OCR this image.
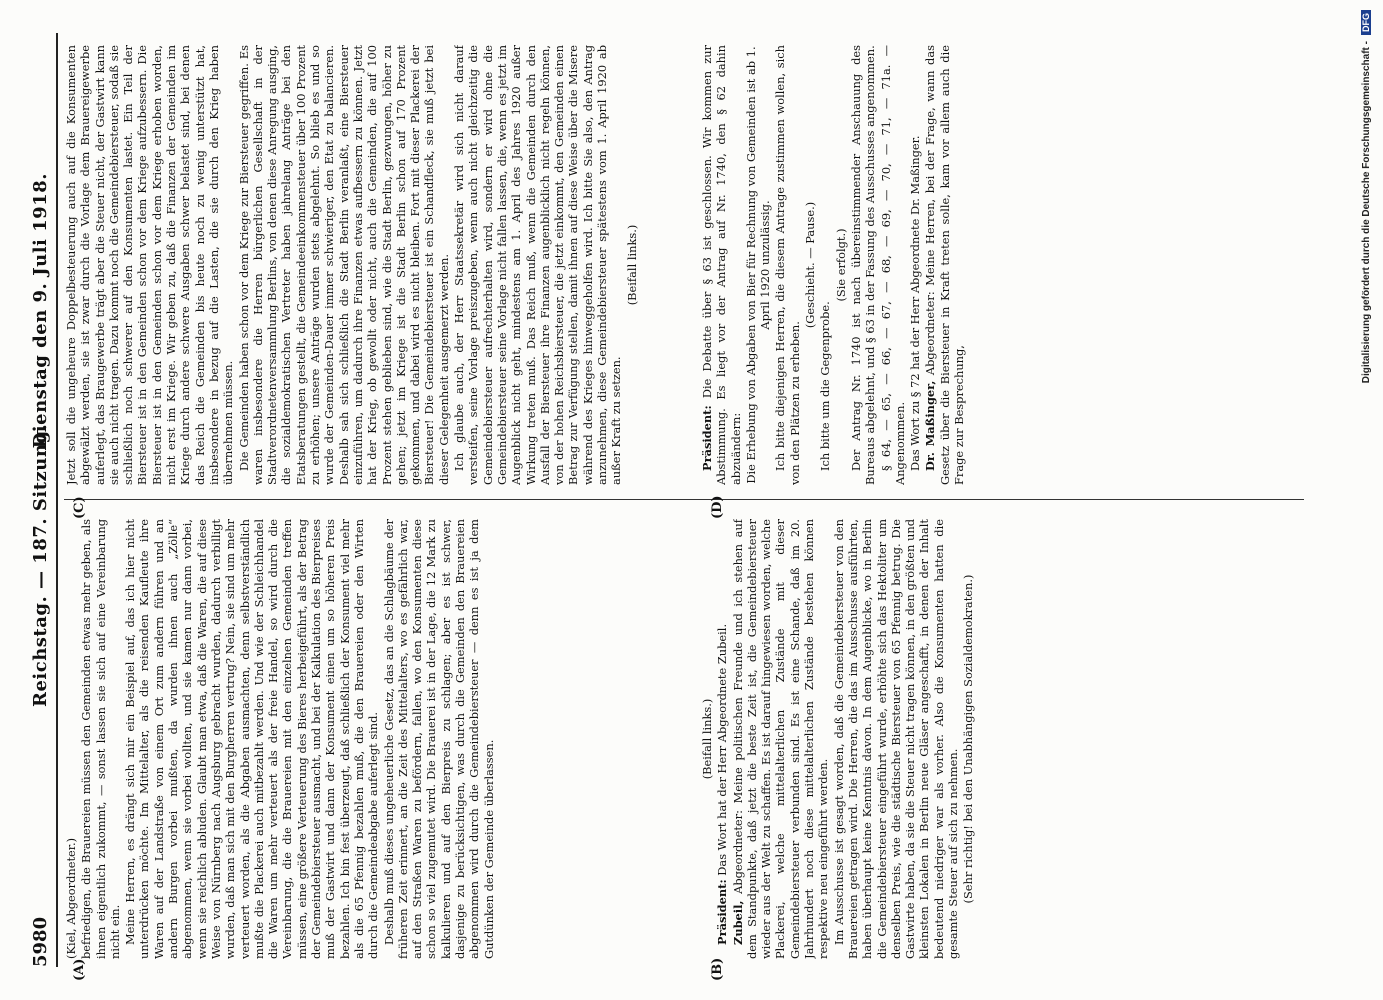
5980
Reichstag. — 187. Sitzung.
Dienstag den 9. Juli 1918.
(A)
(C)
(B)
(D)

(Kiel, Abgeordneter.) befriedigen, die Brauereien müssen den Gemeinden etwas mehr geben, als ihnen eigentlich zukommt, — sonst lassen sie sich auf eine Vereinbarung nicht ein. Meine Herren, es drängt sich mir ein Beispiel auf, das ich hier nicht unterdrücken möchte. Im Mittelalter, als die reisenden Kaufleute ihre Waren auf der Landstraße von einem Ort zum andern führen und an andern Burgen vorbei mußten, da wurden ihnen auch „Zölle“ abgenommen, wenn sie vorbei wollten, und sie kamen nur dann vorbei, wenn sie reichlich abluden. Glaubt man etwa, daß die Waren, die auf diese Weise von Nürnberg nach Augsburg gebracht wurden, dadurch verbilligt wurden, daß man sich mit den Burgherren vertrug? Nein, sie sind um mehr verteuert worden, als die Abgaben ausmachten, denn selbstverständlich mußte die Plackerei auch mitbezahlt werden. Und wie der Schleichhandel die Waren um mehr verteuert als der freie Handel, so wird durch die Vereinbarung, die die Brauereien mit den einzelnen Gemeinden treffen müssen, eine größere Verteuerung des Bieres herbeigeführt, als der Betrag der Gemeindebiersteuer ausmacht, und bei der Kalkulation des Bierpreises muß der Gastwirt und dann der Konsument einen um so höheren Preis bezahlen. Ich bin fest überzeugt, daß schließlich der Konsument viel mehr als die 65 Pfennig bezahlen muß, die den Brauereien oder den Wirten durch die Gemeindeabgabe auferlegt sind. Deshalb muß dieses ungeheuerliche Gesetz, das an die Schlagbäume der früheren Zeit erinnert, an die Zeit des Mittelalters, wo es gefährlich war, auf den Straßen Waren zu befördern, fallen, wo den Konsumenten diese schon so viel zugemutet wird. Die Brauerei ist in der Lage, die 12 Mark zu kalkulieren und auf den Bierpreis zu schlagen; aber es ist schwer, dasjenige zu berücksichtigen, was durch die Gemeinden den Brauereien abgenommen wird durch die Gemeindebiersteuer — denn es ist ja dem Gutdünken der Gemeinde überlassen.

Jetzt soll die ungeheure Doppelbesteuerung auch auf die Konsumenten abgewälzt werden, sie ist zwar durch die Vorlage dem Brauereigewerbe auferlegt, das Braugewerbe trägt aber die Steuer nicht, der Gastwirt kann sie auch nicht tragen. Dazu kommt noch die Gemeindebiersteuer, sodaß sie schließlich noch schwerer auf den Konsumenten lastet. Ein Teil der Biersteuer ist in den Gemeinden schon vor dem Kriege aufzubessern. Die Biersteuer ist in den Gemeinden schon vor dem Kriege erhoben worden, nicht erst im Kriege. Wir geben zu, daß die Finanzen der Gemeinden im Kriege durch andere schwere Ausgaben schwer belastet sind, bei denen das Reich die Gemeinden bis heute noch zu wenig unterstützt hat, insbesondere in bezug auf die Lasten, die sie durch den Krieg haben übernehmen müssen. Die Gemeinden haben schon vor dem Kriege zur Biersteuer gegriffen. Es waren insbesondere die Herren bürgerlichen Gesellschaft in der Stadtverordnetenversammlung Berlins, von denen diese Anregung ausging, die sozialdemokratischen Vertreter haben jahrelang Anträge bei den Etatsberatungen gestellt, die Gemeindeeinkommensteuer über 100 Prozent zu erhöhen; unsere Anträge wurden stets abgelehnt. So blieb es und so wurde der Gemeinden-Dauer immer schwieriger, den Etat zu balancieren. Deshalb sah sich schließlich die Stadt Berlin veranlaßt, eine Biersteuer einzuführen, um dadurch ihre Finanzen etwas aufbessern zu können. Jetzt hat der Krieg, ob gewollt oder nicht, auch die Gemeinden, die auf 100 Prozent stehen geblieben sind, wie die Stadt Berlin, gezwungen, höher zu gehen; jetzt im Kriege ist die Stadt Berlin schon auf 170 Prozent gekommen, und dabei wird es nicht bleiben. Fort mit dieser Plackerei der Biersteuer! Die Gemeindebiersteuer ist ein Schandfleck, sie muß jetzt bei dieser Gelegenheit ausgemerzt werden. Ich glaube auch, der Herr Staatssekretär wird sich nicht darauf versteifen, seine Vorlage preiszugeben, wenn auch nicht gleichzeitig die Gemeindebiersteuer aufrechterhalten wird, sondern er wird ohne die Gemeindebiersteuer seine Vorlage nicht fallen lassen, die, wenn es jetzt im Augenblick nicht geht, mindestens am 1. April des Jahres 1920 außer Wirkung treten muß. Das Reich muß, wenn die Gemeinden durch den Ausfall der Biersteuer ihre Finanzen augenblicklich nicht regeln können, von der hohen Reichsbiersteuer, die jetzt einkommt, den Gemeinden einen Betrag zur Verfügung stellen, damit ihnen auf diese Weise über die Misere während des Krieges hinweggeholfen wird. Ich bitte Sie also, den Antrag anzunehmen, diese Gemeindebiersteuer spätestens vom 1. April 1920 ab außer Kraft zu setzen.

(Beifall links.)

(Beifall links.)

Präsident: Das Wort hat der Herr Abgeordnete Zubeil.

Zubeil, Abgeordneter: Meine politischen Freunde und ich stehen auf dem Standpunkte, daß jetzt die beste Zeit ist, die Gemeindebiersteuer wieder aus der Welt zu schaffen. Es ist darauf hingewiesen worden, welche Plackerei, welche mittelalterlichen Zustände mit dieser Gemeindebiersteuer verbunden sind. Es ist eine Schande, daß im 20. Jahrhundert noch diese mittelalterlichen Zustände bestehen können respektive neu eingeführt werden. Im Ausschusse ist gesagt worden, daß die Gemeindebiersteuer von den Brauereien getragen wird. Die Herren, die das im Ausschusse ausführten, haben überhaupt keine Kenntnis davon. In dem Augenblicke, wo in Berlin die Gemeindebiersteuer eingeführt wurde, erhöhte sich das Hektoliter um denselben Preis, wie die städtische Biersteuer von 65 Pfennig betrug. Die Gastwirte haben, da sie die Steuer nicht tragen können, in den größten und kleinsten Lokalen in Berlin neue Gläser angeschafft, in denen der Inhalt bedeutend niedriger war als vorher. Also die Konsumenten hatten die gesamte Steuer auf sich zu nehmen. (Sehr richtig! bei den Unabhängigen Sozialdemokraten.)

Präsident: Die Debatte über § 63 ist geschlossen. Wir kommen zur Abstimmung. Es liegt vor der Antrag auf Nr. 1740, den § 62 dahin abzuändern: Die Erhebung von Abgaben von Bier für Rechnung von Gemeinden ist ab 1. April 1920 unzulässig. Ich bitte diejenigen Herren, die diesem Antrage zustimmen wollen, sich von den Plätzen zu erheben.

(Geschieht. — Pause.)

Ich bitte um die Gegenprobe.

(Sie erfolgt.) Der Antrag Nr. 1740 ist nach übereinstimmender Anschauung des Bureaus abgelehnt, und § 63 in der Fassung des Ausschusses angenommen. § 64, — 65, — 66, — 67, — 68, — 69, — 70, — 71, — 71a. — Angenommen. Das Wort zu § 72 hat der Herr Abgeordnete Dr. Maßinger. Dr. Maßinger, Abgeordneter: Meine Herren, bei der Frage, wann das Gesetz über die Biersteuer in Kraft treten solle, kam vor allem auch die Frage zur Besprechung,

Digitalisierung gefördert durch die Deutsche Forschungsgemeinschaft -DFG
